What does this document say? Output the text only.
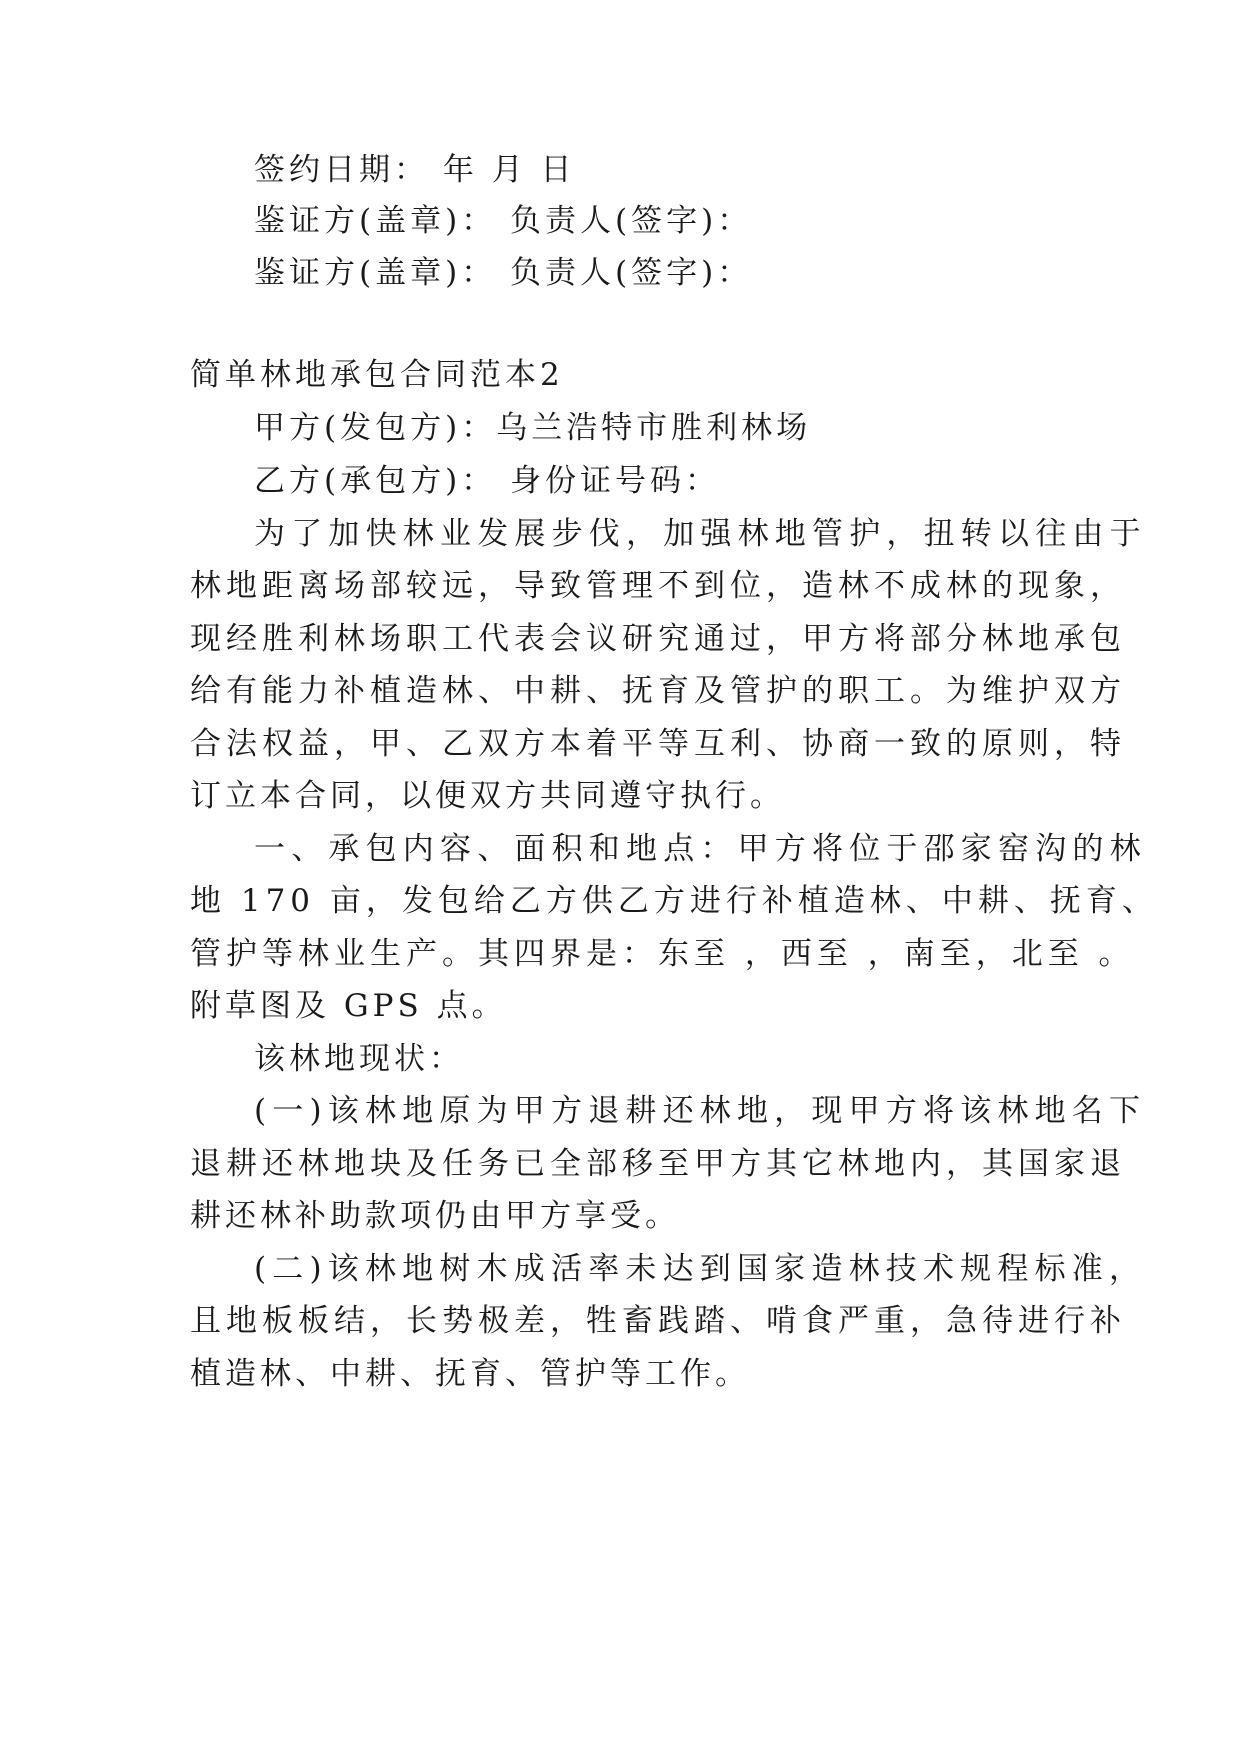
签约日期： 年 月 日
鉴证方(盖章)： 负责人(签字)：
鉴证方(盖章)： 负责人(签字)：
简单林地承包合同范本2
甲方(发包方)：乌兰浩特市胜利林场
乙方(承包方)： 身份证号码：
为了加快林业发展步伐，加强林地管护，扭转以往由于
林地距离场部较远，导致管理不到位，造林不成林的现象，
现经胜利林场职工代表会议研究通过，甲方将部分林地承包
给有能力补植造林、中耕、抚育及管护的职工。为维护双方
合法权益，甲、乙双方本着平等互利、协商一致的原则，特
订立本合同，以便双方共同遵守执行。
一、承包内容、面积和地点：甲方将位于邵家窑沟的林
地 170 亩，发包给乙方供乙方进行补植造林、中耕、抚育、
管护等林业生产。其四界是：东至 ，西至 ，南至，北至 。
附草图及 GPS 点。
该林地现状：
(一)该林地原为甲方退耕还林地，现甲方将该林地名下
退耕还林地块及任务已全部移至甲方其它林地内，其国家退
耕还林补助款项仍由甲方享受。
(二)该林地树木成活率未达到国家造林技术规程标准，
且地板板结，长势极差，牲畜践踏、啃食严重，急待进行补
植造林、中耕、抚育、管护等工作。
